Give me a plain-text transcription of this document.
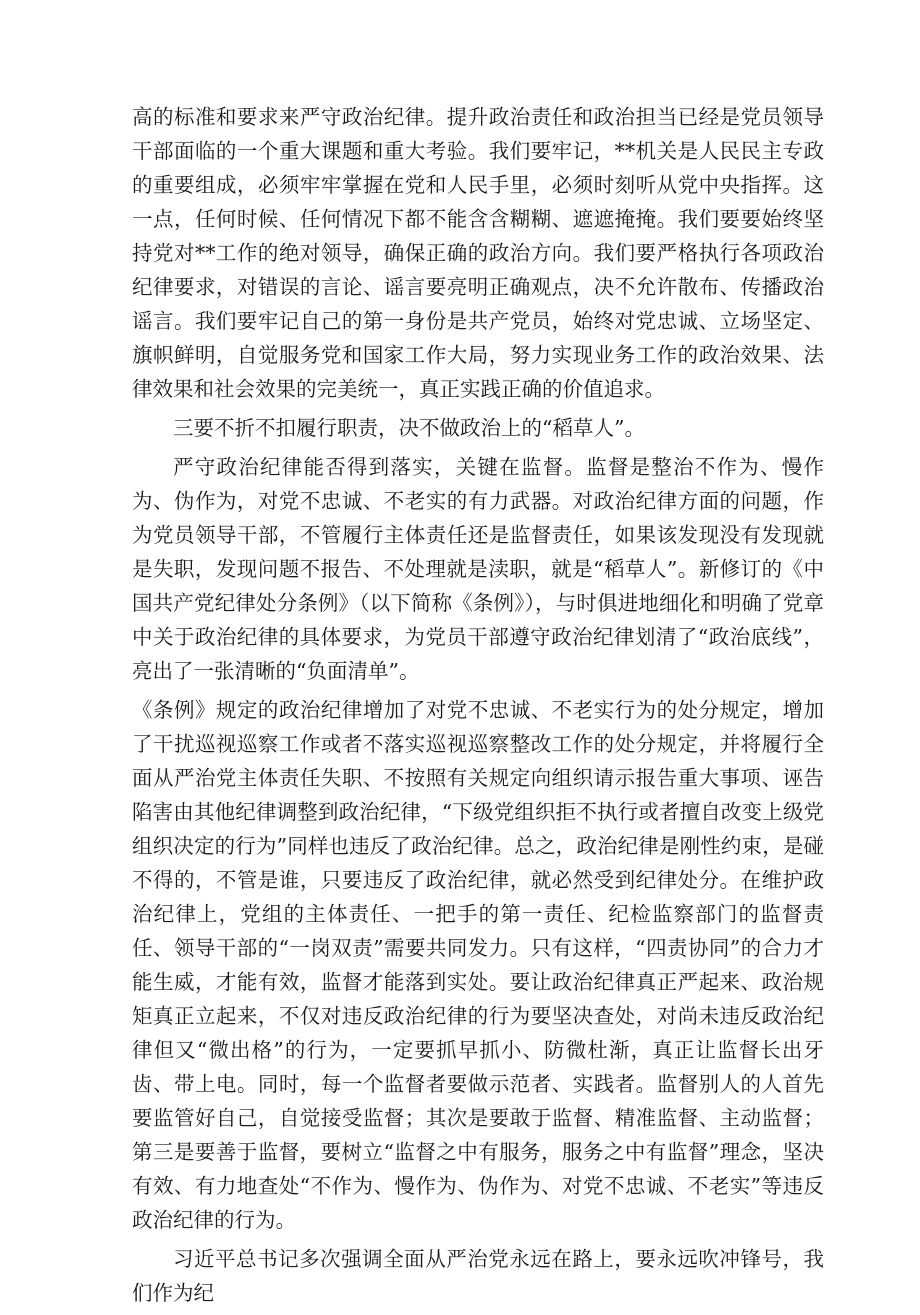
高的标准和要求来严守政治纪律。提升政治责任和政治担当已经是党员领导干部面临的一个重大课题和重大考验。我们要牢记，**机关是人民民主专政的重要组成，必须牢牢掌握在党和人民手里，必须时刻听从党中央指挥。这一点，任何时候、任何情况下都不能含含糊糊、遮遮掩掩。我们要要始终坚持党对**工作的绝对领导，确保正确的政治方向。我们要严格执行各项政治纪律要求，对错误的言论、谣言要亮明正确观点，决不允许散布、传播政治谣言。我们要牢记自己的第一身份是共产党员，始终对党忠诚、立场坚定、旗帜鲜明，自觉服务党和国家工作大局，努力实现业务工作的政治效果、法律效果和社会效果的完美统一，真正实践正确的价值追求。

三要不折不扣履行职责，决不做政治上的“稻草人”。

严守政治纪律能否得到落实，关键在监督。监督是整治不作为、慢作为、伪作为，对党不忠诚、不老实的有力武器。对政治纪律方面的问题，作为党员领导干部，不管履行主体责任还是监督责任，如果该发现没有发现就是失职，发现问题不报告、不处理就是渎职，就是“稻草人”。新修订的《中国共产党纪律处分条例》（以下简称《条例》），与时俱进地细化和明确了党章中关于政治纪律的具体要求，为党员干部遵守政治纪律划清了“政治底线”，亮出了一张清晰的“负面清单”。

《条例》规定的政治纪律增加了对党不忠诚、不老实行为的处分规定，增加了干扰巡视巡察工作或者不落实巡视巡察整改工作的处分规定，并将履行全面从严治党主体责任失职、不按照有关规定向组织请示报告重大事项、诬告陷害由其他纪律调整到政治纪律，“下级党组织拒不执行或者擅自改变上级党组织决定的行为”同样也违反了政治纪律。总之，政治纪律是刚性约束，是碰不得的，不管是谁，只要违反了政治纪律，就必然受到纪律处分。在维护政治纪律上，党组的主体责任、一把手的第一责任、纪检监察部门的监督责任、领导干部的“一岗双责”需要共同发力。只有这样，“四责协同”的合力才能生威，才能有效，监督才能落到实处。要让政治纪律真正严起来、政治规矩真正立起来，不仅对违反政治纪律的行为要坚决查处，对尚未违反政治纪律但又“微出格”的行为，一定要抓早抓小、防微杜渐，真正让监督长出牙齿、带上电。同时，每一个监督者要做示范者、实践者。监督别人的人首先要监管好自己，自觉接受监督；其次是要敢于监督、精准监督、主动监督；第三是要善于监督，要树立“监督之中有服务，服务之中有监督”理念，坚决有效、有力地查处“不作为、慢作为、伪作为、对党不忠诚、不老实”等违反政治纪律的行为。

习近平总书记多次强调全面从严治党永远在路上，要永远吹冲锋号，我们作为纪
